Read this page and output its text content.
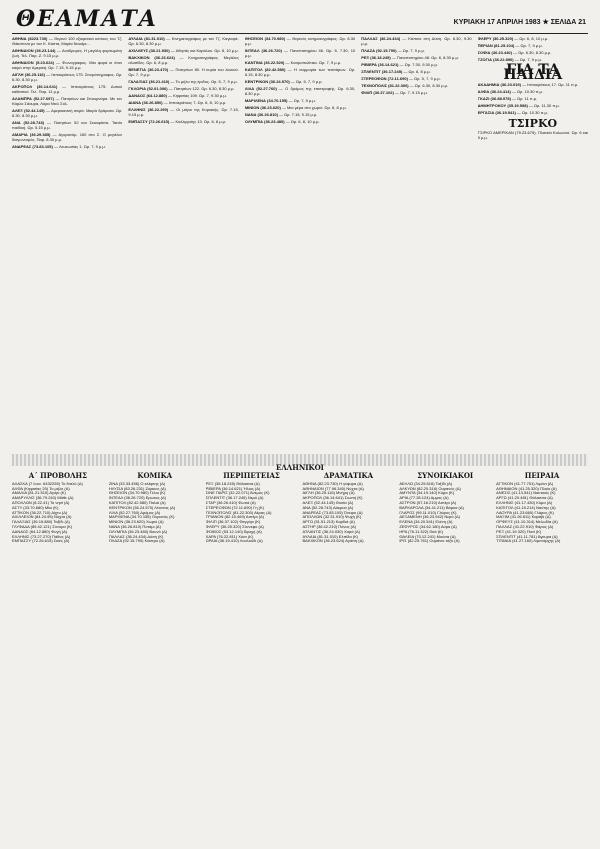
ΘΕΑΜΑΤΑ	ΚΥΡΙΑΚΗ 17 ΑΠΡΙΛΗ 1983 ★ ΣΕΛΙΔΑ 21
ΑΘΗΝΑ (8223.730) — Θερινό 100 εξαιρετικά κόπους του Τζ. Θάκστονα με τον Κ. Κάστα, Μαρία Νουάρι...
ΑΘΗΝΑΙΟΝ (36.23.144) — Αναδρομές. Η μεγάλη φορτωμένη ζωή. Τελ. Παρ. Ζ. 9.15 μ.μ.
ΑΘΗΝΑΙΟΝ (5.23.624) — Φωνογραφος. Μια φορά κι έναν καιρό στην Αμερική. Ωρ. 7.15, 9.15 μ.μ.
ΑΙΓΛΗ (36.25.116) — Ιπποκράτους 175. Σινεμάτογραφος. Ωρ. 6.30, 8.30 μ.μ.
ΑΚΡΟΠΟΛ (36.14.641) — Ιπποκράτους 175. Δυτικό καθιστικό. Τελ. Παρ. 11 μ.μ.
ΑΛΑΜΠΡΑ (52.27.697) — Πατησίων και Σπουρνάρα. Με τον Κάρλο Σάουρα, Λόρα Ντελ Σολ.
ΑΛΕΞ (52.44.145) — Αμερικανική σειρά. Μικρά δράματα. Ωρ. 6.30, 8.30 μ.μ.
ΑΝΑ (52.28.743) — Πατησίων 52 και Σκουφίτσα. Ταινία παιδική. Ωρ. 5.15 μ.μ.
ΑΜΑΡΙΑ (36.29.385) — Αγορανόμ. 160 στο Σ. Ο μεγάλος διαγωνισμός. Παρ. 8.30 μ.μ.
ΑΝΔΡΕΑΣ (73.83.105) — Λευκωσίας 1. Ωρ. 7, 9 μ.μ.
ΑΥΛΑΙΑ (81.31.010) — Κινηματογράφος με τον Τζ. Καγκαρέ. Ωρ. 6.30, 8.30 μ.μ.
ΑΧΙΛΛΕΥΣ (36.21.930) — Αθηνάς και Καρόλου. Ωρ. 8, 10 μ.μ.
ΒΑΚΧΙΚΟΝ (36.23.624) — Κινηματογράφος. Μεγάλες αλυσίδες. Ωρ. 6, 8 μ.μ.
ΒΕΝΕΤΙΑ (36.23.470) — Πατησίων 80. Η κυρία του λευκού. Ωρ. 7, 9 μ.μ.
ΓΑΛΑΞΙΑΣ (36.21.410) — Το μήλο της έριδος. Ωρ. 5, 7, 9 μ.μ.
ΓΚΛΟΡΙΑ (52.01.006) — Πατησίων 122. Ωρ. 6.30, 8.30 μ.μ.
ΔΑΝΑΟΣ (64.12.880) — Κηφισίας 109. Ωρ. 7, 9.30 μ.μ.
ΔΙΑΝΑ (36.26.850) — Ιπποκράτους 7. Ωρ. 6, 8, 10 μ.μ.
ΕΛΛΗΝΙΣ (36.22.290) — Οι μάγοι της Κυριακής. Ωρ. 7.15, 9.15 μ.μ.
ΕΜΠΑΣΣΥ (72.26.615) — Καλλιρρόης 13. Ωρ. 6, 8 μ.μ.
ΘΗΣΕΙΟΝ (34.70.980) — Θερινός κινηματογράφος. Ωρ. 8.30 μ.μ.
ΙΝΤΕΑΛ (36.26.720) — Πανεπιστημίου 46. Ωρ. 5, 7.30, 10 μ.μ.
ΚΑΝΤΙΝΑ (36.22.520) — Κοσμοπολίτικο. Ωρ. 7, 9 μ.μ.
ΚΑΠΙΤΟΛ (82.42.580) — Η συμμορία των τεσσάρων. Ωρ. 6.15, 8.30 μ.μ.
ΚΕΝΤΡΙΚΟΝ (36.24.570) — Ωρ. 5, 7, 9 μ.μ.
ΛΙΛΑ (52.27.760) — Ο δρόμος της επιστροφής. Ωρ. 6.30, 8.30 μ.μ.
ΜΑΡΙΛΕΝΑ (34.70.155) — Ωρ. 7, 9 μ.μ.
ΜΙΝΙΟΝ (36.23.620) — Μια μέρα στο χωριό. Ωρ. 6, 8 μ.μ.
ΝΑΝΑ (36.26.810) — Ωρ. 7.15, 9.15 μ.μ.
ΟΛΥΜΠΙΑ (36.23.480) — Ωρ. 6, 8, 10 μ.μ.
ΠΑΛΛΑΣ (36.24.434) — Κάποτε στη Δύση. Ωρ. 6.30, 9.30 μ.μ.
ΠΛΑΖΑ (92.15.790) — Ωρ. 7, 9 μ.μ.
ΡΕΞ (36.18.245) — Πανεπιστημίου 48. Ωρ. 6, 8.30 μ.μ.
ΡΙΒΙΕΡΑ (36.14.621) — Ωρ. 7.30, 9.30 μ.μ.
ΣΠΛΕΝΤΙΤ (36.17.245) — Ωρ. 6, 8 μ.μ.
ΣΤΕΡΕΟΦΩΝ (72.11.690) — Ωρ. 5, 7, 9 μ.μ.
ΤΕΧΝΟΠΟΛΙΣ (81.22.300) — Ωρ. 6.30, 8.30 μ.μ.
ΦΙΛΙΠ (36.37.102) — Ωρ. 7, 9.15 μ.μ.
ΦΛΕΡΥ (36.25.320) — Ωρ. 6, 8, 10 μ.μ.
ΠΕΡΙΑΝ (81.25.104) — Ωρ. 7, 9 μ.μ.
ΣΟΦΙΑ (36.23.440) — Ωρ. 6.30, 8.30 μ.μ.
ΤΖΟΓΙΑ (36.22.890) — Ωρ. 7, 9 μ.μ.
ΓΙΑ ΤΑ ΠΑΙΔΙΑ
ΑΚΑΔΗΜΙΑ (36.23.019) — Ιπποκράτους 17. Ωρ. 11 π.μ.
ΑΛΦΑ (36.24.414) — Ωρ. 10.30 π.μ.
ΓΚΑΖΙ (36.88.978) — Ωρ. 11 π.μ.
ΔΗΜΗΤΡΟΚΟΥ (35.19.598) — Ωρ. 11.30 π.μ.
ΕΡΓΑΣΙΑ (36.19.541) — Ωρ. 10.30 π.μ.
ΤΣΙΡΚΟ
ΤΣΙΡΚΟ ΑΜΕΡΙΚΑΝ (79.23.675). Πλατεία Κολωνού. Ωρ. 6 και 9 μ.μ.
ΕΛΛΗΝΙΚΟΙ
Α΄ ΠΡΟΒΟΛΗΣ
ΑΛΑΣΚΑ (7 Ιουν. 6432255) Το διπλό (Δ)
ΑΛΦΑ (Κηφισίας 20) Το μήλο (Α)
ΑΜΑΛΙΑ (81.21.510) Αγόρι (Κ)
ΑΜΑΡΥΛΛΙΣ (36.79.240) Μάθε (Δ)
ΑΠΟΛΛΩΝ (8.22.41) Το νησί (Α)
ΑΣΤΥ (33.70.680) Μίκι (Κ)
ΑΤΤΙΚΟΝ (36.22.710) Δίχτυ (Δ)
ΑΧΙΛΛΕΙΟΝ (84.24.95) Νύχτα (Α)
ΓΑΛΑΞΙΑΣ (36.15.880) Ταξίδι (Δ)
ΓΛΥΦΑΔΑ (89.42.121) Σύνορα (Κ)
ΔΑΝΑΟΣ (64.12.880) Φυγή (Α)
ΕΛΛΗΝΙΣ (73.27.270) Πάθος (Δ)
ΕΜΠΑΣΣΥ (72.26.615) Σκιές (Α)
ΚΟΜΙΚΑ
ΖΙΝΑ (33.33.456) Ο κλέφτης (Δ)
ΗΛΥΣΙΑ (83.26.231) Ζόρικος (Α)
ΘΗΣΕΙΟΝ (34.70.980) Γέλιο (Κ)
ΙΝΤΕΑΛ (36.26.720) Ερωτας (Δ)
ΚΑΠΙΤΟΛ (82.42.580) Παλιά (Α)
ΚΕΝΤΡΙΚΟΝ (36.24.570) Λέοντας (Δ)
ΛΙΛΑ (52.27.760) Δρόμος (Α)
ΜΑΡΙΛΕΝΑ (34.70.155) Ουρανός (Κ)
ΜΙΝΙΟΝ (36.23.620) Χωριό (Δ)
ΝΑΝΑ (36.26.810) Ποτάμι (Α)
ΟΛΥΜΠΙΑ (36.23.480) Βουνό (Δ)
ΠΑΛΛΑΣ (36.24.434) Δύση (Κ)
ΠΛΑΖΑ (92.15.790) Κάστρο (Α)
ΠΕΡΙΠΕΤΕΙΑΣ
ΡΕΞ (36.18.245) Θάλασσα (Δ)
ΡΙΒΙΕΡΑ (36.14.621) Ήλιος (Α)
ΣΙΝΕ ΠΑΡΙΣ (32.22.071) Άνεμος (Κ)
ΣΠΛΕΝΤΙΤ (36.17.245) Νερό (Δ)
ΣΤΑΡ (36.26.410) Φωτιά (Α)
ΣΤΕΡΕΟΦΩΝ (72.11.690) Γη (Κ)
ΤΕΧΝΟΠΟΛΙΣ (81.22.300) Αέρας (Δ)
ΤΡΙΑΝΟΝ (82.15.469) Αστέρι (Α)
ΦΙΛΙΠ (36.37.102) Φεγγάρι (Κ)
ΦΛΕΡΥ (36.25.320) Σύννεφο (Δ)
ΦΟΙΒΟΣ (53.12.140) Βροχή (Α)
ΧΑΡΑ (76.22.811) Χιόνι (Κ)
ΩΡΑΙΑ (36.15.410) Λουλούδι (Δ)
ΔΡΑΜΑΤΙΚΑ
ΑΘΗΝΑ (82.23.730) Η γέφυρα (Δ)
ΑΘΗΝΑΙΟΝ (77.96.340) Νύχτα (Α)
ΑΙΓΛΗ (36.25.116) Μνήμη (Δ)
ΑΚΡΟΠΟΛ (36.14.641) Σιωπή (Κ)
ΑΛΕΞ (52.44.145) Θυσία (Δ)
ΑΝΑ (52.28.743) Δάκρυα (Α)
ΑΝΔΡΕΑΣ (73.83.105) Όνειρο (Δ)
ΑΠΟΛΛΩΝ (32.31.910) Ψυχή (Κ)
ΑΡΓΩ (51.51.213) Καρδιά (Δ)
ΑΣΤΗΡ (36.42.210) Πόνος (Α)
ΑΤΛΑΝΤΙΣ (36.24.030) Χαρά (Δ)
ΑΥΛΑΙΑ (81.31.010) Ελπίδα (Κ)
ΒΑΚΧΙΚΟΝ (36.23.624) Αγάπη (Δ)
ΣΥΝΟΙΚΙΑΚΟΙ
ΑΕΛΛΩ (34.25.616) Ταξίδι (Α)
ΑΛΚΥΩΝ (82.20.316) Ουρανός (Δ)
ΑΜΥΝΤΑ (34.19.140) Κύμα (Κ)
ΑΡΙΑ (77.28.124) Αμμος (Δ)
ΑΣΤΡΟΝ (57.16.210) Αστέρι (Α)
ΒΑΡΚΑΡΟΛΑ (34.41.211) Βάρκα (Δ)
ΓΛΑΡΟΣ (99.11.010) Γλάρος (Κ)
ΔΕΞΑΜΕΝΗ (36.23.942) Νερό (Δ)
ΕΛΕΝΑ (34.20.541) Ελένη (Α)
ΖΕΦΥΡΟΣ (34.62.180) Αύρα (Δ)
ΗΡΑ (76.11.322) Θεά (Κ)
ΘΑΛΕΙΑ (70.12.241) Μούσα (Δ)
ΙΡΙΣ (82.25.761) Ουράνιο τόξο (Α)
ΠΕΙΡΑΙΑ
ΑΤΤΙΚΟΝ (41.77.751) Λιμάνι (Δ)
ΑΘΗΝΑΙΟΝ (41.25.320) Πλοίο (Α)
ΑΝΕΣΙΣ (41.13.541) Ναυτικός (Κ)
ΑΡΓΩ (41.20.481) Θάλασσα (Δ)
ΕΛΛΗΝΙΣ (41.17.430) Κύμα (Α)
ΚΑΠΙΤΟΛ (41.15.214) Ναύτης (Δ)
ΛΑΟΥΡΑ (41.23.660) Γλάρος (Κ)
ΜΑΞΙΜ (41.26.811) Καράβι (Δ)
ΟΡΦΕΥΣ (41.10.314) Μελωδία (Α)
ΠΑΛΛΑΣ (41.22.910) Φάρος (Δ)
ΡΕΞ (41.19.320) Πανί (Κ)
ΣΠΛΕΝΤΙΤ (41.11.781) Άγκυρα (Δ)
ΤΙΤΑΝΙΑ (41.27.160) Λιμενάρχης (Α)
